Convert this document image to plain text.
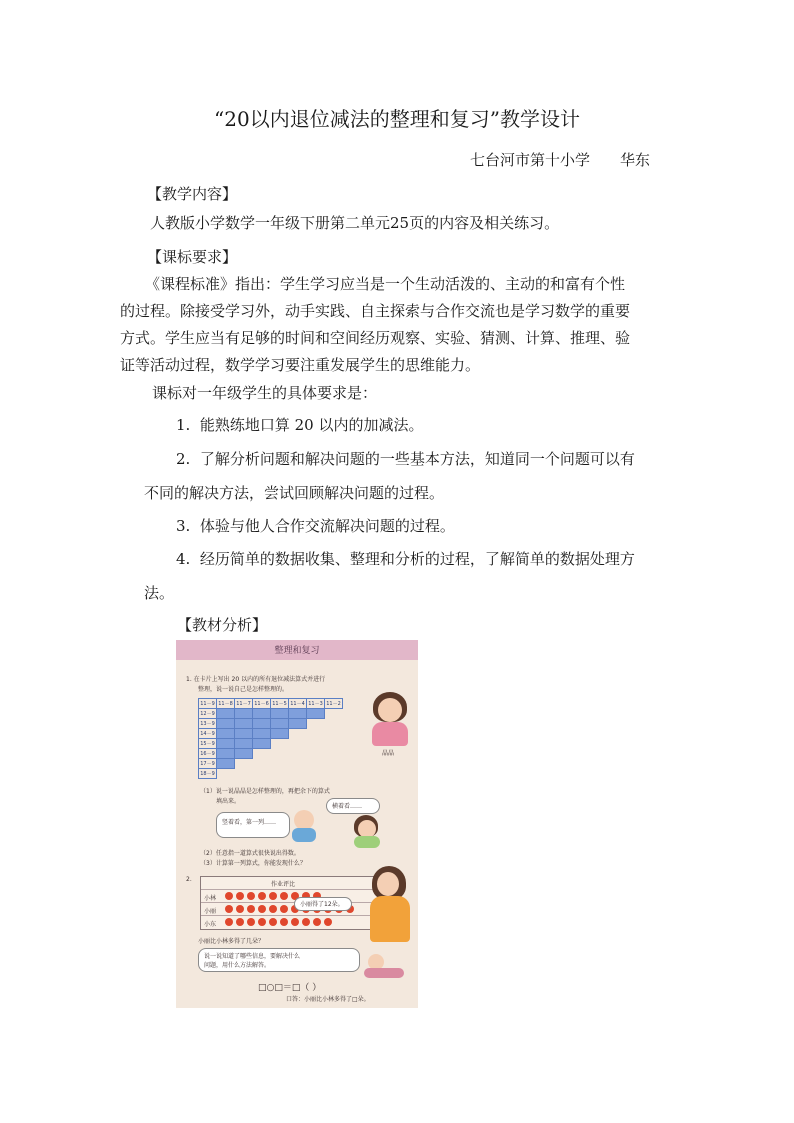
“20以内退位减法的整理和复习”教学设计
七台河市第十小学 华东
【教学内容】
人教版小学数学一年级下册第二单元25页的内容及相关练习。
【课标要求】
《课程标准》指出：学生学习应当是一个生动活泼的、主动的和富有个性
的过程。除接受学习外，动手实践、自主探索与合作交流也是学习数学的重要
方式。学生应当有足够的时间和空间经历观察、实验、猜测、计算、推理、验
证等活动过程，数学学习要注重发展学生的思维能力。
课标对一年级学生的具体要求是：
1. 能熟练地口算 20 以内的加减法。
2. 了解分析问题和解决问题的一些基本方法，知道同一个问题可以有
不同的解决方法，尝试回顾解决问题的过程。
3. 体验与他人合作交流解决问题的过程。
4. 经历简单的数据收集、整理和分析的过程，了解简单的数据处理方
法。
【教材分析】
整理和复习
1. 在卡片上写出 20 以内的所有退位减法算式并进行
整理，说一说自己是怎样整理的。
11－9	11－8	11－7	11－6	11－5	11－4	11－3	11－2
12－9							
13－9							
14－9							
15－9							
16－9							
17－9							
18－9							
晶晶
（1）说一说晶晶是怎样整理的，再把余下的算式
填出来。
竖着看，第一列……
横着看……
（2）任意指一道算式很快说出得数。
（3）计算第一列算式，你能发现什么？
2.
作业评比
小林
小丽
小东
小丽得了12朵。
小丽比小林多得了几朵？
说一说知道了哪些信息，要解决什么
问题，用什么方法解答。
□○□＝□（ ）
口答：小丽比小林多得了□朵。
